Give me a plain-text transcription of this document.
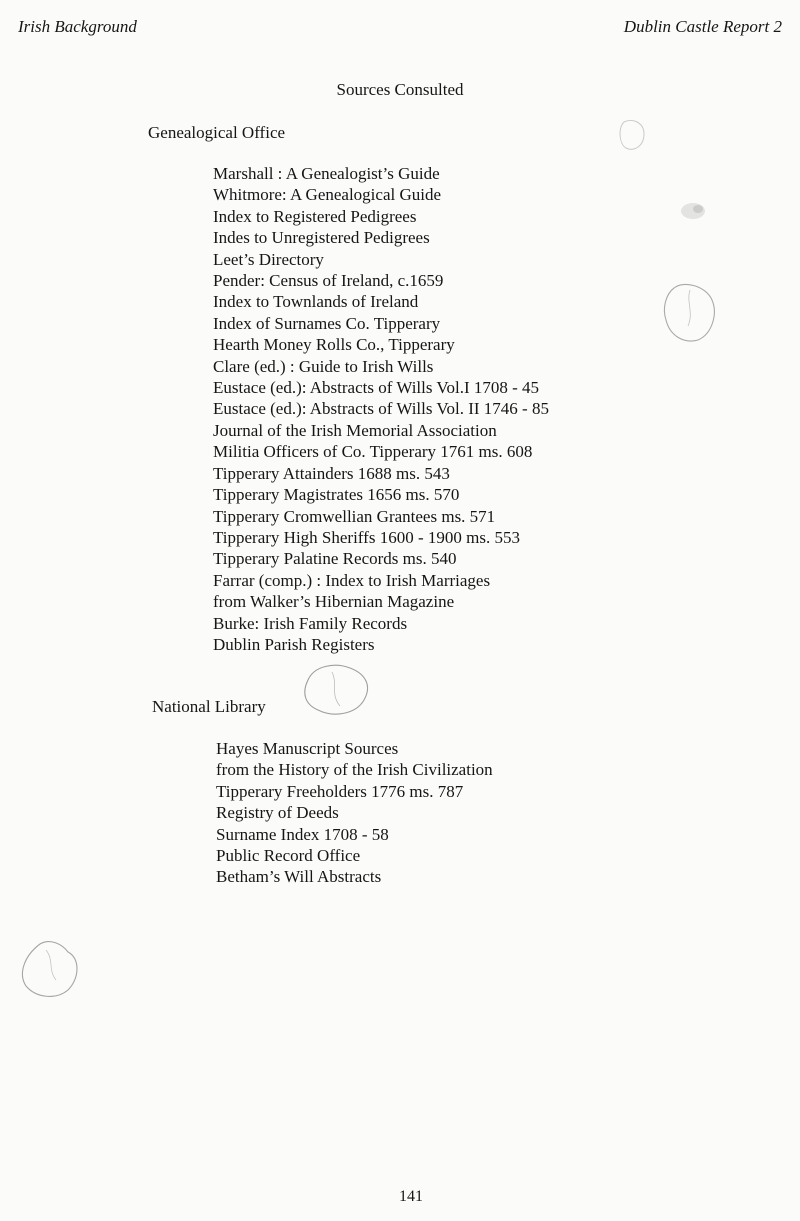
Irish Background	Dublin Castle Report 2
Sources Consulted
Genealogical Office
Marshall : A Genealogist’s Guide
Whitmore: A Genealogical Guide
Index to Registered Pedigrees
Indes to Unregistered Pedigrees
Leet’s Directory
Pender: Census of Ireland, c.1659
Index to Townlands of Ireland
Index of Surnames Co. Tipperary
Hearth Money Rolls Co., Tipperary
Clare (ed.) : Guide to Irish Wills
Eustace (ed.): Abstracts of Wills Vol.I 1708 - 45
Eustace (ed.): Abstracts of Wills Vol. II 1746 - 85
Journal of the Irish Memorial Association
Militia Officers of Co. Tipperary 1761 ms. 608
Tipperary Attainders 1688 ms. 543
Tipperary Magistrates 1656 ms. 570
Tipperary Cromwellian Grantees ms. 571
Tipperary High Sheriffs 1600 - 1900 ms. 553
Tipperary Palatine Records ms. 540
Farrar (comp.) : Index to Irish Marriages
from Walker’s Hibernian Magazine
Burke: Irish Family Records
Dublin Parish Registers
National Library
Hayes Manuscript Sources
from the History of the Irish Civilization
Tipperary Freeholders 1776 ms. 787
Registry of Deeds
Surname Index 1708 - 58
Public Record Office
Betham’s Will Abstracts
141
